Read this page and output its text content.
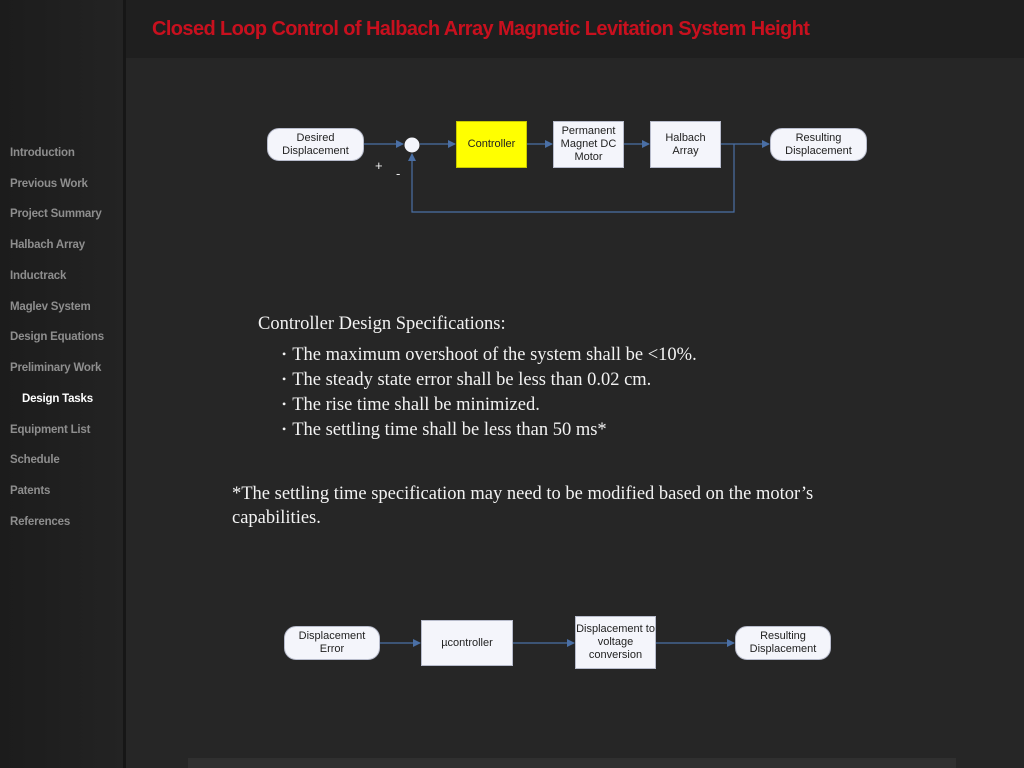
Introduction
Previous Work
Project Summary
Halbach Array
Inductrack
Maglev System
Design Equations
Preliminary Work
Design Tasks
Equipment List
Schedule
Patents
References
Closed Loop Control of Halbach Array Magnetic Levitation System Height
Desired Displacement
Controller
Permanent Magnet DC Motor
Halbach Array
Resulting Displacement
+
-
Controller Design Specifications:
• The maximum overshoot of the system shall be <10%.
• The steady state error shall be less than 0.02 cm.
• The rise time shall be minimized.
• The settling time shall be less than 50 ms*
*The settling time specification may need to be modified based on the motor’s capabilities.
Displacement Error
µcontroller
Displacement to voltage conversion
Resulting Displacement
